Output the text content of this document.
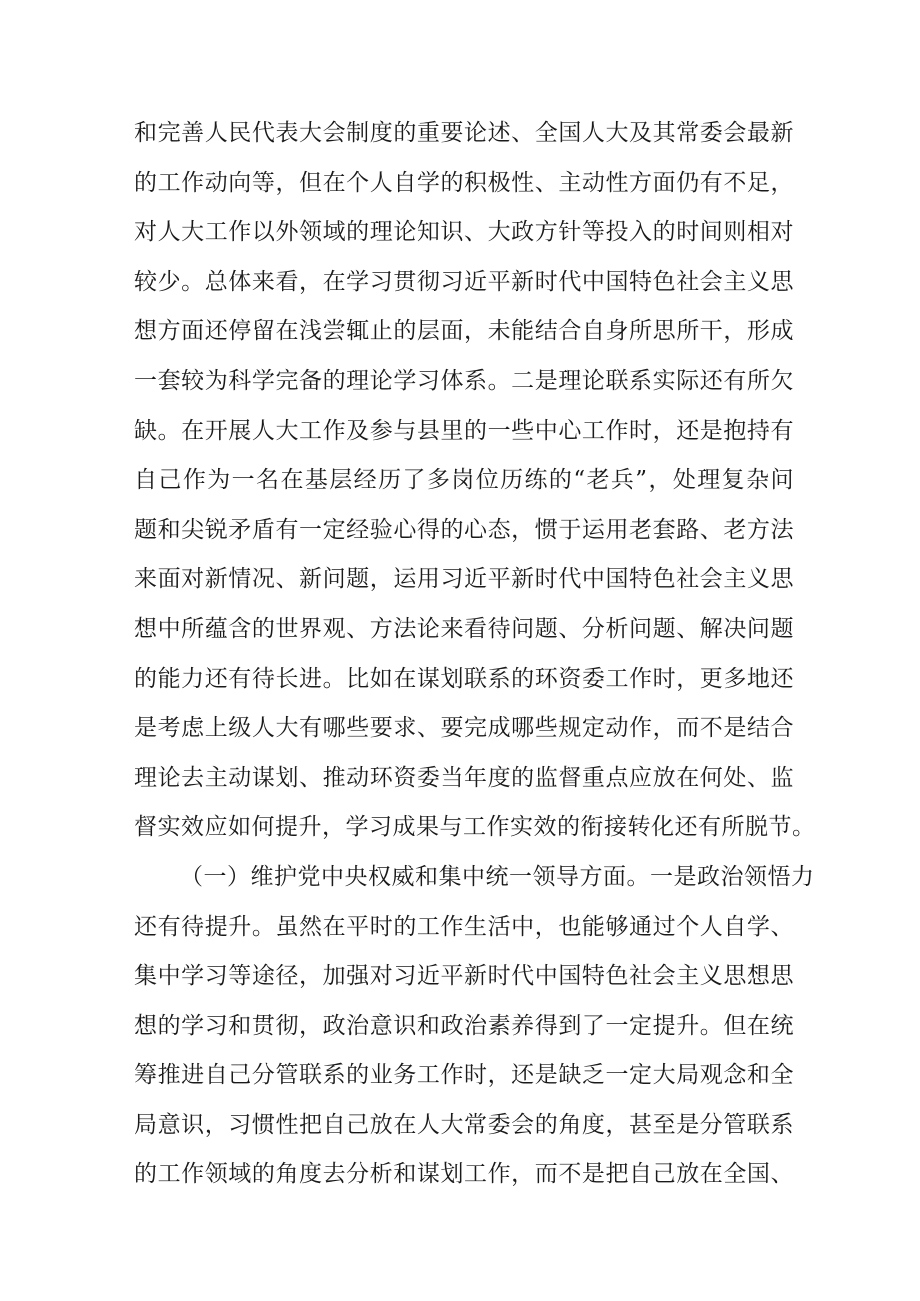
和完善人民代表大会制度的重要论述、全国人大及其常委会最新
的工作动向等，但在个人自学的积极性、主动性方面仍有不足，
对人大工作以外领域的理论知识、大政方针等投入的时间则相对
较少。总体来看，在学习贯彻习近平新时代中国特色社会主义思
想方面还停留在浅尝辄止的层面，未能结合自身所思所干，形成
一套较为科学完备的理论学习体系。二是理论联系实际还有所欠
缺。在开展人大工作及参与县里的一些中心工作时，还是抱持有
自己作为一名在基层经历了多岗位历练的“老兵”，处理复杂问
题和尖锐矛盾有一定经验心得的心态，惯于运用老套路、老方法
来面对新情况、新问题，运用习近平新时代中国特色社会主义思
想中所蕴含的世界观、方法论来看待问题、分析问题、解决问题
的能力还有待长进。比如在谋划联系的环资委工作时，更多地还
是考虑上级人大有哪些要求、要完成哪些规定动作，而不是结合
理论去主动谋划、推动环资委当年度的监督重点应放在何处、监
督实效应如何提升，学习成果与工作实效的衔接转化还有所脱节。
（一）维护党中央权威和集中统一领导方面。一是政治领悟力
还有待提升。虽然在平时的工作生活中，也能够通过个人自学、
集中学习等途径，加强对习近平新时代中国特色社会主义思想思
想的学习和贯彻，政治意识和政治素养得到了一定提升。但在统
筹推进自己分管联系的业务工作时，还是缺乏一定大局观念和全
局意识，习惯性把自己放在人大常委会的角度，甚至是分管联系
的工作领域的角度去分析和谋划工作，而不是把自己放在全国、
